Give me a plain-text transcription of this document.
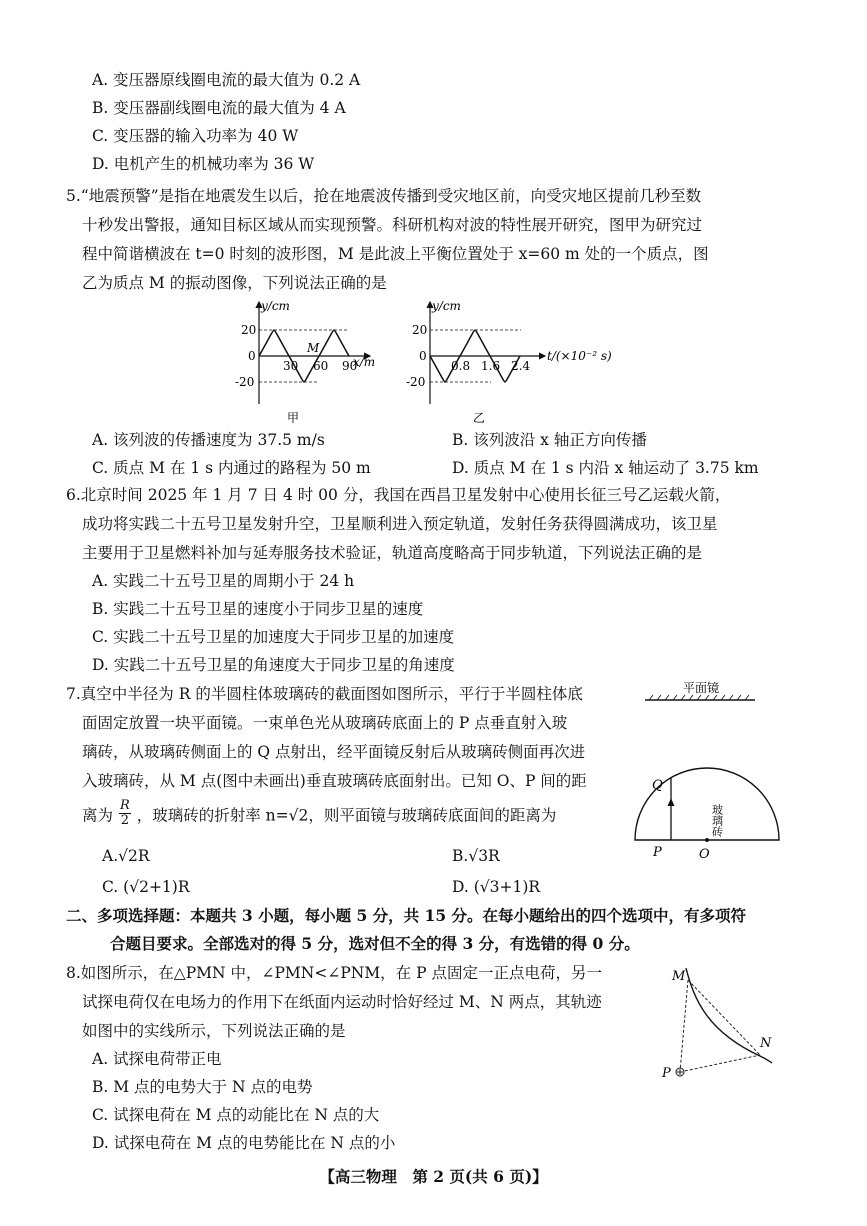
A. 变压器原线圈电流的最大值为 0.2 A
B. 变压器副线圈电流的最大值为 4 A
C. 变压器的输入功率为 40 W
D. 电机产生的机械功率为 36 W
5.“地震预警”是指在地震发生以后，抢在地震波传播到受灾地区前，向受灾地区提前几秒至数
十秒发出警报，通知目标区域从而实现预警。科研机构对波的特性展开研究，图甲为研究过
程中简谐横波在 t=0 时刻的波形图，M 是此波上平衡位置处于 x=60 m 处的一个质点，图
乙为质点 M 的振动图像，下列说法正确的是
y/cm
20
0
-20
30 60 90
x/m
M
甲
y/cm
20
0
-20
0.8 1.6 2.4
t/(×10⁻² s)
乙
A. 该列波的传播速度为 37.5 m/s	B. 该列波沿 x 轴正方向传播
C. 质点 M 在 1 s 内通过的路程为 50 m	D. 质点 M 在 1 s 内沿 x 轴运动了 3.75 km
6.北京时间 2025 年 1 月 7 日 4 时 00 分，我国在西昌卫星发射中心使用长征三号乙运载火箭，
成功将实践二十五号卫星发射升空，卫星顺利进入预定轨道，发射任务获得圆满成功，该卫星
主要用于卫星燃料补加与延寿服务技术验证，轨道高度略高于同步轨道，下列说法正确的是
A. 实践二十五号卫星的周期小于 24 h
B. 实践二十五号卫星的速度小于同步卫星的速度
C. 实践二十五号卫星的加速度大于同步卫星的加速度
D. 实践二十五号卫星的角速度大于同步卫星的角速度
7.真空中半径为 R 的半圆柱体玻璃砖的截面图如图所示，平行于半圆柱体底
面固定放置一块平面镜。一束单色光从玻璃砖底面上的 P 点垂直射入玻
璃砖，从玻璃砖侧面上的 Q 点射出，经平面镜反射后从玻璃砖侧面再次进
入玻璃砖，从 M 点(图中未画出)垂直玻璃砖底面射出。已知 O、P 间的距
离为 $\frac{R}{2}$ ，玻璃砖的折射率 n=√2，则平面镜与玻璃砖底面间的距离为
平面镜
Q
P	O
玻璃砖
A.√2R	B.√3R
C. (√2+1)R	D. (√3+1)R
二、多项选择题：本题共 3 小题，每小题 5 分，共 15 分。在每小题给出的四个选项中，有多项符
合题目要求。全部选对的得 5 分，选对但不全的得 3 分，有选错的得 0 分。
8.如图所示，在△PMN 中，∠PMN<∠PNM，在 P 点固定一正点电荷，另一
试探电荷仅在电场力的作用下在纸面内运动时恰好经过 M、N 两点，其轨迹
如图中的实线所示，下列说法正确的是
A. 试探电荷带正电
B. M 点的电势大于 N 点的电势
C. 试探电荷在 M 点的动能比在 N 点的大
D. 试探电荷在 M 点的电势能比在 N 点的小
M
N
P
【高三物理　第 2 页(共 6 页)】
